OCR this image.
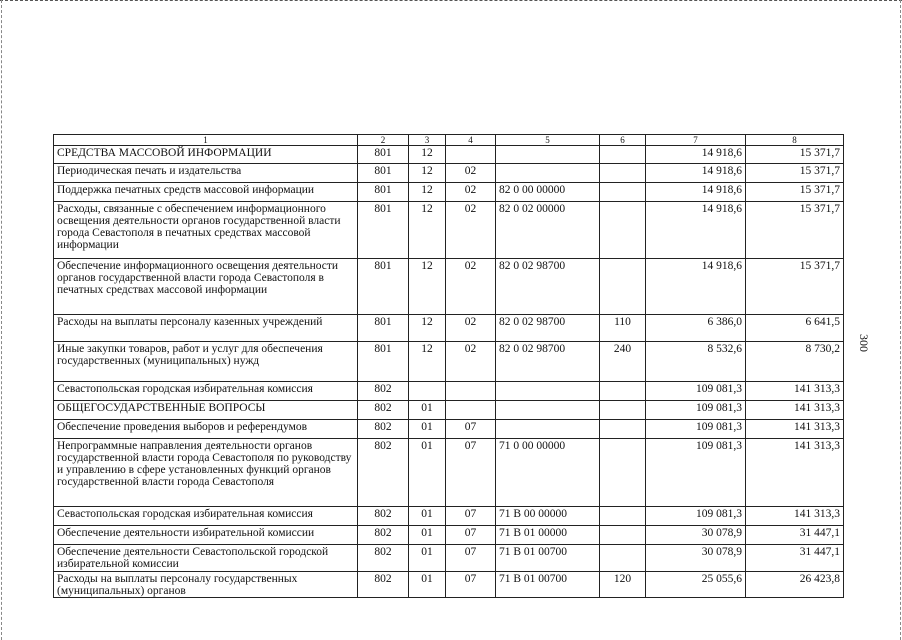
300
1	2	3	4	5	6	7	8
СРЕДСТВА МАССОВОЙ ИНФОРМАЦИИ	801	12				14 918,6	15 371,7
Периодическая печать и издательства	801	12	02			14 918,6	15 371,7
Поддержка печатных средств массовой информации	801	12	02	82 0 00 00000		14 918,6	15 371,7
Расходы, связанные с обеспечением информационного освещения деятельности органов государственной власти города Севастополя в печатных средствах массовой информации	801	12	02	82 0 02 00000		14 918,6	15 371,7
Обеспечение информационного освещения деятельности органов государственной власти города Севастополя в печатных средствах массовой информации	801	12	02	82 0 02 98700		14 918,6	15 371,7
Расходы на выплаты персоналу казенных учреждений	801	12	02	82 0 02 98700	110	6 386,0	6 641,5
Иные закупки товаров, работ и услуг для обеспечения государственных (муниципальных) нужд	801	12	02	82 0 02 98700	240	8 532,6	8 730,2
Севастопольская городская избирательная комиссия	802					109 081,3	141 313,3
ОБЩЕГОСУДАРСТВЕННЫЕ ВОПРОСЫ	802	01				109 081,3	141 313,3
Обеспечение проведения выборов и референдумов	802	01	07			109 081,3	141 313,3
Непрограммные направления деятельности органов государственной власти города Севастополя по руководству и управлению в сфере установленных функций органов государственной власти города Севастополя	802	01	07	71 0 00 00000		109 081,3	141 313,3
Севастопольская городская избирательная комиссия	802	01	07	71 В 00 00000		109 081,3	141 313,3
Обеспечение деятельности избирательной комиссии	802	01	07	71 В 01 00000		30 078,9	31 447,1
Обеспечение деятельности Севастопольской городской избирательной комиссии	802	01	07	71 В 01 00700		30 078,9	31 447,1
Расходы на выплаты персоналу государственных (муниципальных) органов	802	01	07	71 В 01 00700	120	25 055,6	26 423,8
